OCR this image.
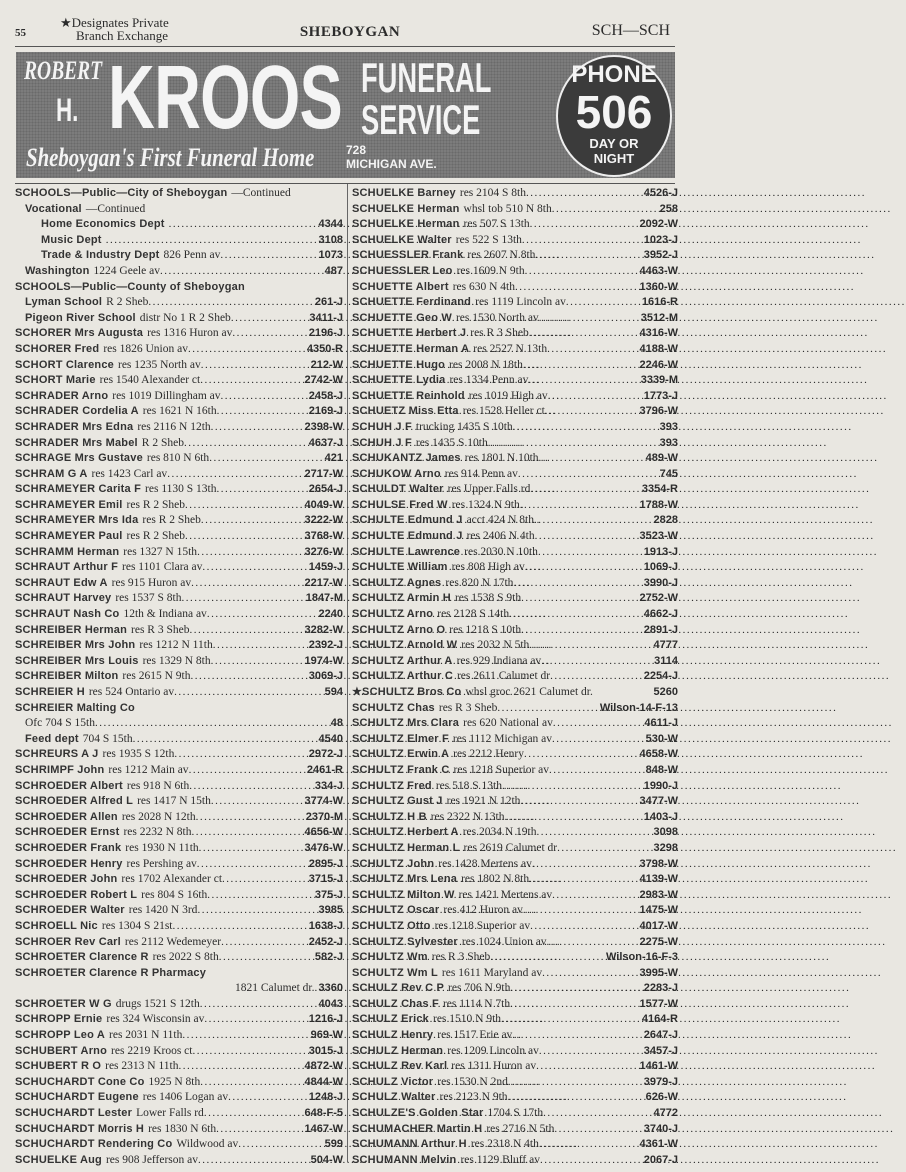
55
★Designates Private
Branch Exchange	SHEBOYGAN	SCH—SCH
ROBERT
H. KROOS FUNERAL
SERVICE
Sheboygan's First Funeral Home	728
MICHIGAN AVE.
PHONE
506
DAY OR
NIGHT
SCHOOLS—Public—City of Sheboygan —Continued
Vocational —Continued
Home Economics Dept .....	4344
Music Dept .....	3108
Trade & Industry Dept 826 Penn av .....	1073
Washington 1224 Geele av .....	487
SCHOOLS—Public—County of Sheboygan
Lyman School R 2 Sheb .....	261-J
Pigeon River School distr No 1 R 2 Sheb .....	3411-J
SCHORER Mrs Augusta res 1316 Huron av .....	2196-J
SCHORER Fred res 1826 Union av .....	4350-R
SCHORT Clarence res 1235 North av .....	212-W
SCHORT Marie res 1540 Alexander ct .....	2742-W
SCHRADER Arno res 1019 Dillingham av .....	2458-J
SCHRADER Cordelia A res 1621 N 16th .....	2169-J
SCHRADER Mrs Edna res 2116 N 12th .....	2398-W
SCHRADER Mrs Mabel R 2 Sheb .....	4637-J
SCHRAGE Mrs Gustave res 810 N 6th .....	421
SCHRAM G A res 1423 Carl av .....	2717-W
SCHRAMEYER Carita F res 1130 S 13th .....	2654-J
SCHRAMEYER Emil res R 2 Sheb .....	4049-W
SCHRAMEYER Mrs Ida res R 2 Sheb .....	3222-W
SCHRAMEYER Paul res R 2 Sheb .....	3768-W
SCHRAMM Herman res 1327 N 15th .....	3276-W
SCHRAUT Arthur F res 1101 Clara av .....	1459-J
SCHRAUT Edw A res 915 Huron av .....	2217-W
SCHRAUT Harvey res 1537 S 8th .....	1847-M
SCHRAUT Nash Co 12th & Indiana av .....	2240
SCHREIBER Herman res R 3 Sheb .....	3282-W
SCHREIBER Mrs John res 1212 N 11th .....	2392-J
SCHREIBER Mrs Louis res 1329 N 8th .....	1974-W
SCHREIBER Milton res 2615 N 9th .....	3069-J
SCHREIER H res 524 Ontario av .....	594
SCHREIER Malting Co
Ofc 704 S 15th .....	48
Feed dept 704 S 15th .....	4540
SCHREURS A J res 1935 S 12th .....	2972-J
SCHRIMPF John res 1212 Main av .....	2461-R
SCHROEDER Albert res 918 N 6th .....	334-J
SCHROEDER Alfred L res 1417 N 15th .....	3774-W
SCHROEDER Allen res 2028 N 12th .....	2370-M
SCHROEDER Ernst res 2232 N 8th .....	4656-W
SCHROEDER Frank res 1930 N 11th .....	3476-W
SCHROEDER Henry res Pershing av .....	2895-J
SCHROEDER John res 1702 Alexander ct .....	3715-J
SCHROEDER Robert L res 804 S 16th .....	375-J
SCHROEDER Walter res 1420 N 3rd .....	3985
SCHROELL Nic res 1304 S 21st .....	1638-J
SCHROER Rev Carl res 2112 Wedemeyer .....	2452-J
SCHROETER Clarence R res 2022 S 8th .....	582-J
SCHROETER Clarence R Pharmacy
1821 Calumet dr. ..... 3360
SCHROETER W G drugs 1521 S 12th .....	4043
SCHROPP Ernie res 324 Wisconsin av .....	1216-J
SCHROPP Leo A res 2031 N 11th .....	969-W
SCHUBERT Arno res 2219 Kroos ct .....	3015-J
SCHUBERT R O res 2313 N 11th .....	4872-W
SCHUCHARDT Cone Co 1925 N 8th .....	4844-W
SCHUCHARDT Eugene res 1406 Logan av .....	1248-J
SCHUCHARDT Lester Lower Falls rd .....	648-F-5
SCHUCHARDT Morris H res 1830 N 6th .....	1467-W
SCHUCHARDT Rendering Co Wildwood av .....	599
SCHUELKE Aug res 908 Jefferson av .....	504-W
SCHUELKE Barney res 2104 S 8th .....	4526-J
SCHUELKE Herman whsl tob 510 N 8th .....	258
SCHUELKE Herman res 507 S 13th .....	2092-W
SCHUELKE Walter res 522 S 13th .....	1023-J
SCHUESSLER Frank res 2607 N 8th .....	3952-J
SCHUESSLER Leo res 1609 N 9th .....	4463-W
SCHUETTE Albert res 630 N 4th .....	1360-W
SCHUETTE Ferdinand res 1119 Lincoln av .....	1616-R
SCHUETTE Geo W res 1530 North av .....	3512-M
SCHUETTE Herbert J res R 3 Sheb .....	4316-W
SCHUETTE Herman A res 2527 N 13th .....	4188-W
SCHUETTE Hugo res 2008 N 18th .....	2246-W
SCHUETTE Lydia res 1334 Penn av .....	3339-M
SCHUETTE Reinhold res 1019 High av .....	1773-J
SCHUETZ Miss Etta res 1528 Heller ct .....	3796-W
SCHUH J F trucking 1435 S 10th .....	393
SCHUH J F res 1435 S 10th .....	393
SCHUKANTZ James res 1801 N 10th .....	489-W
SCHUKOW Arno res 914 Penn av .....	745
SCHULDT Walter res Upper Falls rd .....	3354-R
SCHULSE Fred W res 1324 N 9th .....	1788-W
SCHULTE Edmund J acct 424 N 8th .....	2828
SCHULTE Edmund J res 2406 N 4th .....	3523-W
SCHULTE Lawrence res 2030 N 10th .....	1913-J
SCHULTE William res 808 High av .....	1069-J
SCHULTZ Agnes res 820 N 17th .....	3990-J
SCHULTZ Armin H res 1538 S 9th .....	2752-W
SCHULTZ Arno res 2128 S 14th .....	4662-J
SCHULTZ Arno O res 1218 S 10th .....	2891-J
SCHULTZ Arnold W res 2032 N 5th .....	4777
SCHULTZ Arthur A res 929 Indiana av .....	3114
SCHULTZ Arthur C res 2611 Calumet dr .....	2254-J
★SCHULTZ Bros Co whsl groc 2621 Calumet dr.	5260
SCHULTZ Chas res R 3 Sheb .....	Wilson-14-F-13
SCHULTZ Mrs Clara res 620 National av .....	4611-J
SCHULTZ Elmer F res 1112 Michigan av .....	530-W
SCHULTZ Erwin A res 2212 Henry .....	4658-W
SCHULTZ Frank C res 1218 Superior av .....	848-W
SCHULTZ Fred res 518 S 13th .....	1990-J
SCHULTZ Gust J res 1921 N 12th .....	3477-W
SCHULTZ H B res 2322 N 13th .....	1403-J
SCHULTZ Herbert A res 2034 N 19th .....	3098
SCHULTZ Herman L res 2619 Calumet dr .....	3298
SCHULTZ John res 1428 Mertens av .....	3798-W
SCHULTZ Mrs Lena res 1802 N 8th .....	4139-W
SCHULTZ Milton W res 1421 Mertens av .....	2983-W
SCHULTZ Oscar res 412 Huron av .....	1475-W
SCHULTZ Otto res 1218 Superior av .....	4017-W
SCHULTZ Sylvester res 1024 Union av .....	2275-W
SCHULTZ Wm res R 3 Sheb .....	Wilson-16-F-3
SCHULTZ Wm L res 1611 Maryland av .....	3995-W
SCHULZ Rev C P res 706 N 9th .....	2283-J
SCHULZ Chas F res 1114 N 7th .....	1577-W
SCHULZ Erick res 1510 N 9th .....	4164-R
SCHULZ Henry res 1517 Erie av .....	2647-J
SCHULZ Herman res 1209 Lincoln av .....	3457-J
SCHULZ Rev Karl res 1311 Huron av .....	1461-W
SCHULZ Victor res 1530 N 2nd .....	3979-J
SCHULZ Walter res 2123 N 9th .....	626-W
SCHULZE'S Golden Star 1704 S 17th .....	4772
SCHUMACHER Martin H res 2716 N 5th .....	3740-J
SCHUMANN Arthur H res 2318 N 4th .....	4361-W
SCHUMANN Melvin res 1129 Bluff av .....	2067-J
